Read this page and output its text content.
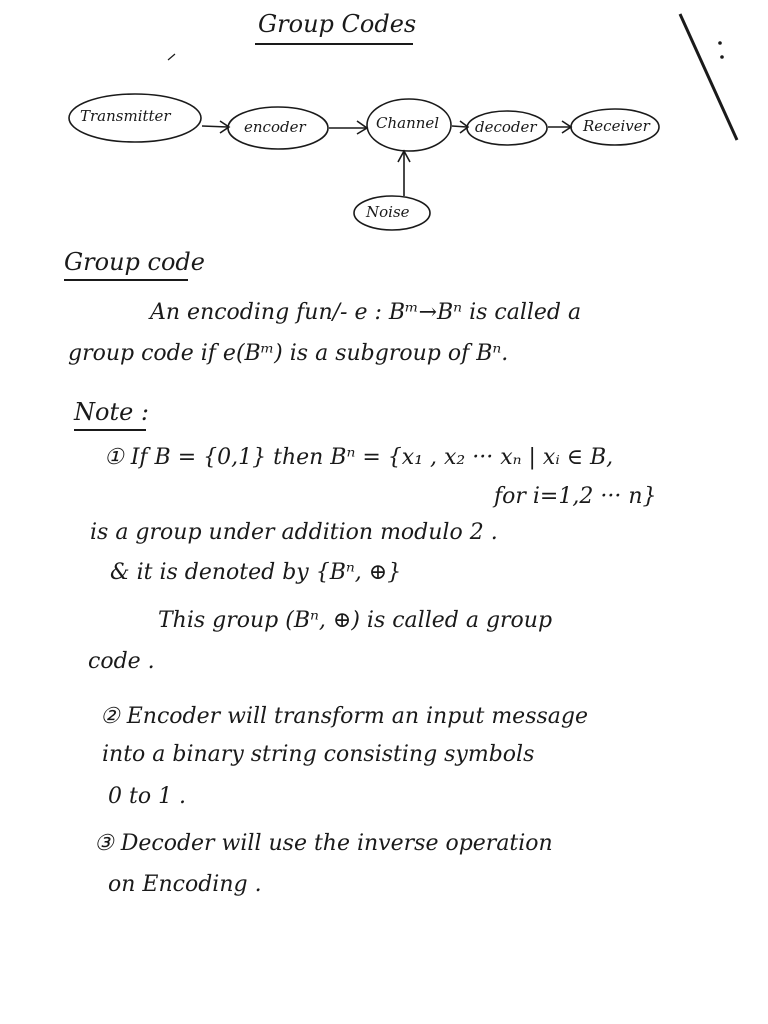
Group Codes
Transmitter
encoder	Channel decoder	Receiver
Noise
Group code
An encoding fun/- e : Bᵐ→Bⁿ is called a
group code if e(Bᵐ) is a subgroup of Bⁿ.
Note :
① If B = {0,1} then Bⁿ = {x₁ , x₂ ··· xₙ | xᵢ ∈ B,
for i=1,2 ··· n}
is a group under addition modulo 2 .
& it is denoted by {Bⁿ, ⊕}
This group (Bⁿ, ⊕) is called a group
code .
② Encoder will transform an input message
into a binary string consisting symbols
0 to 1 .
③ Decoder will use the inverse operation
on Encoding .
